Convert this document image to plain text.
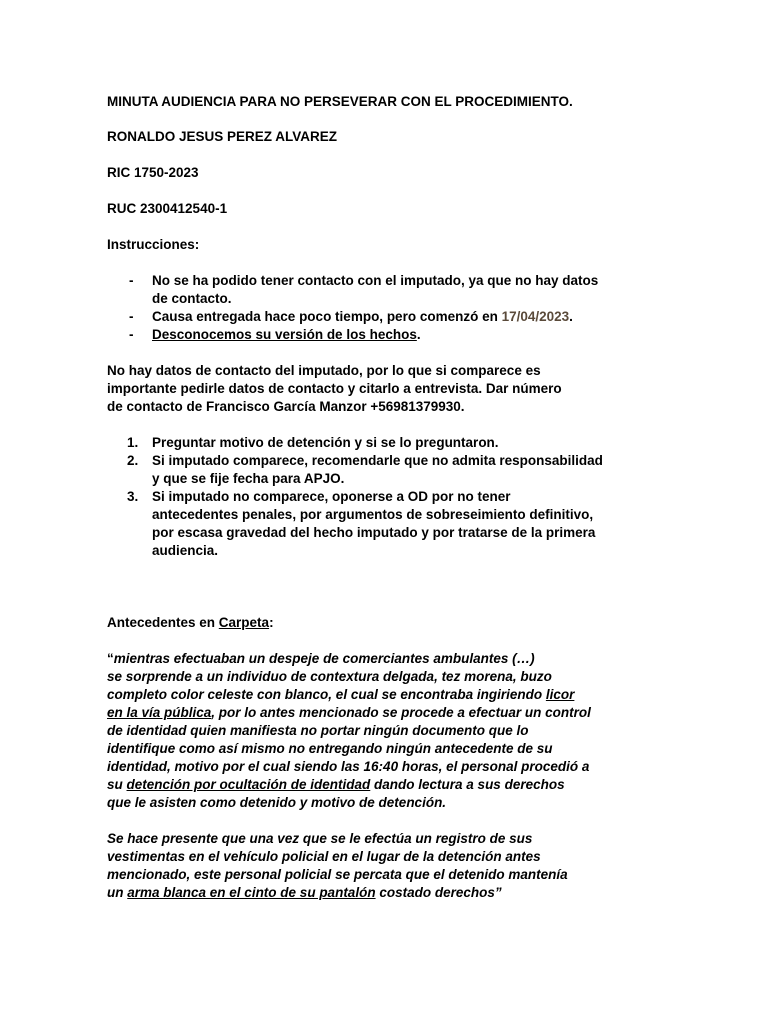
MINUTA AUDIENCIA PARA NO PERSEVERAR CON EL PROCEDIMIENTO.
RONALDO JESUS PEREZ ALVAREZ
RIC 1750-2023
RUC 2300412540-1
Instrucciones:
- No se ha podido tener contacto con el imputado, ya que no hay datos
de contacto.
- Causa entregada hace poco tiempo, pero comenzó en 17/04/2023.
- Desconocemos su versión de los hechos.
No hay datos de contacto del imputado, por lo que si comparece es
importante pedirle datos de contacto y citarlo a entrevista. Dar número
de contacto de Francisco García Manzor +56981379930.
1. Preguntar motivo de detención y si se lo preguntaron.
2. Si imputado comparece, recomendarle que no admita responsabilidad
y que se fije fecha para APJO.
3. Si imputado no comparece, oponerse a OD por no tener
antecedentes penales, por argumentos de sobreseimiento definitivo,
por escasa gravedad del hecho imputado y por tratarse de la primera
audiencia.
Antecedentes en Carpeta:
“mientras efectuaban un despeje de comerciantes ambulantes (…)
se sorprende a un individuo de contextura delgada, tez morena, buzo
completo color celeste con blanco, el cual se encontraba ingiriendo licor
en la vía pública, por lo antes mencionado se procede a efectuar un control
de identidad quien manifiesta no portar ningún documento que lo
identifique como así mismo no entregando ningún antecedente de su
identidad, motivo por el cual siendo las 16:40 horas, el personal procedió a
su detención por ocultación de identidad dando lectura a sus derechos
que le asisten como detenido y motivo de detención.
Se hace presente que una vez que se le efectúa un registro de sus
vestimentas en el vehículo policial en el lugar de la detención antes
mencionado, este personal policial se percata que el detenido mantenía
un arma blanca en el cinto de su pantalón costado derechos”
